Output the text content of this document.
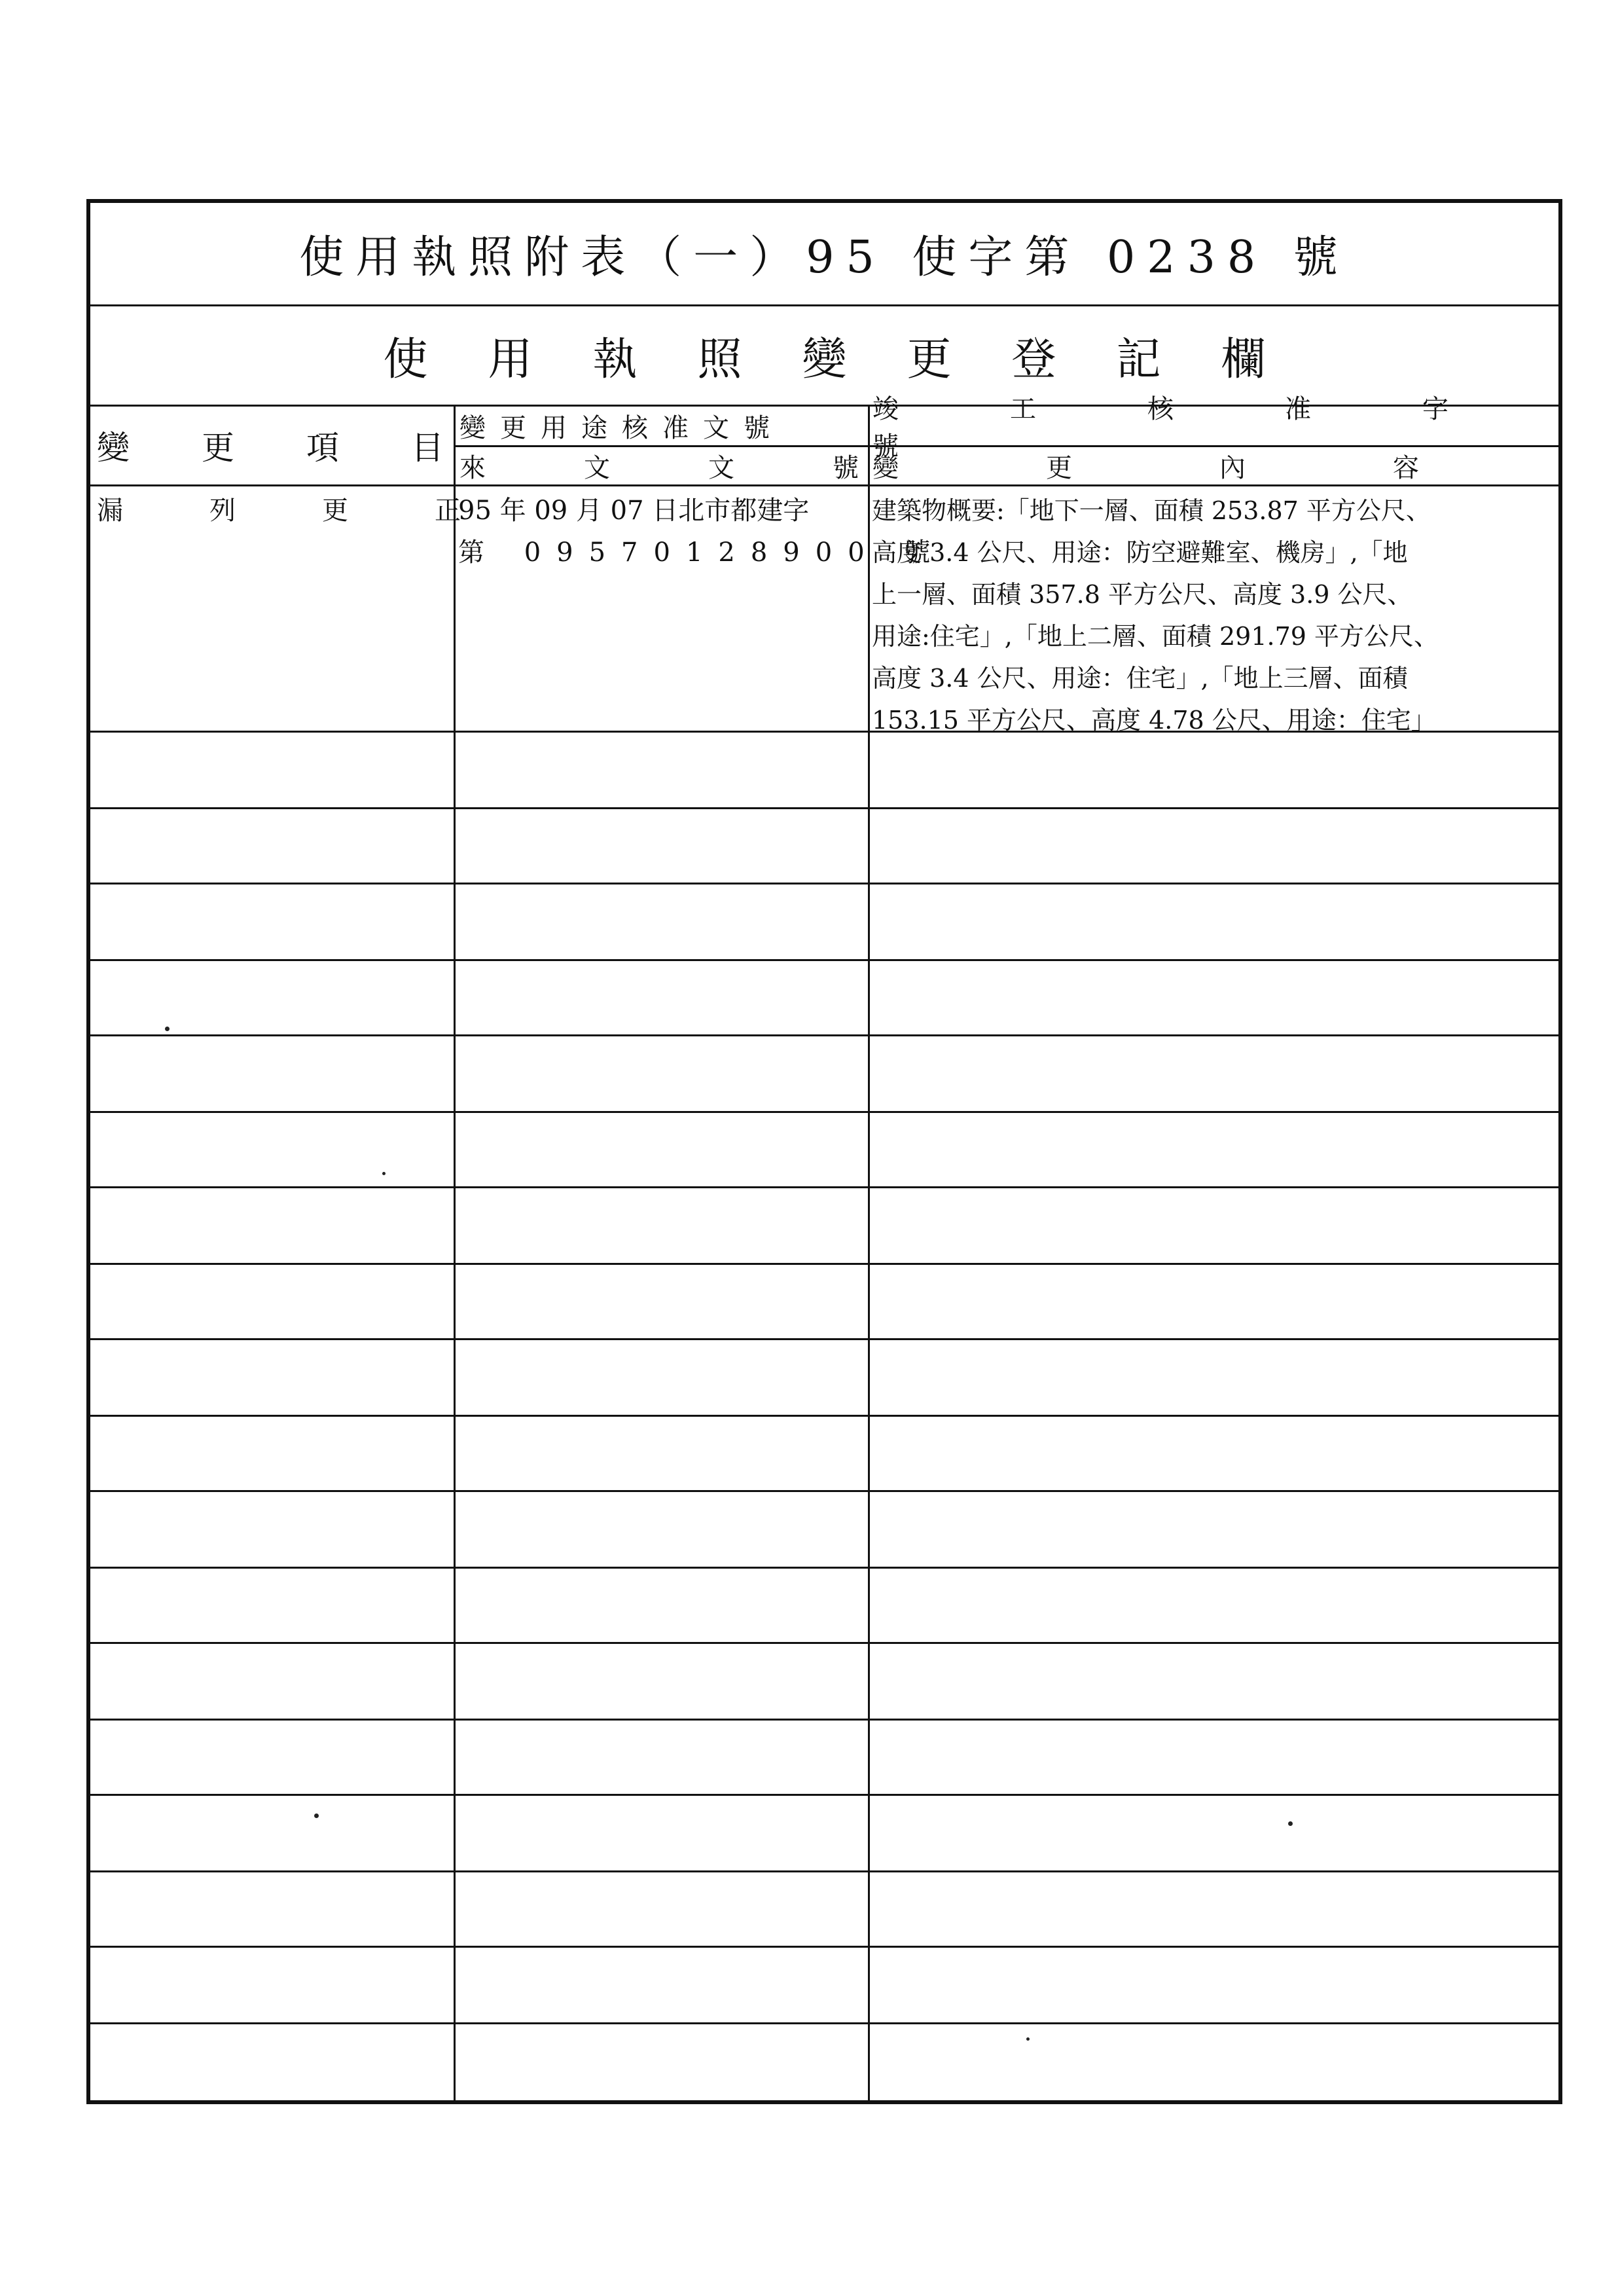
使用執照附表（一）95 使字第 0238 號
使用執照變更登記欄
變更項目
變更用途核准文號
來文文號
竣工核准字號
變更內容
漏列更正
95 年 09 月 07 日北市都建字
第 09570128900 號
建築物概要:「地下一層、面積 253.87 平方公尺、
高度 3.4 公尺、用途：防空避難室、機房」,「地
上一層、面積 357.8 平方公尺、高度 3.9 公尺、
用途:住宅」,「地上二層、面積 291.79 平方公尺、
高度 3.4 公尺、用途：住宅」,「地上三層、面積
153.15 平方公尺、高度 4.78 公尺、用途：住宅」
